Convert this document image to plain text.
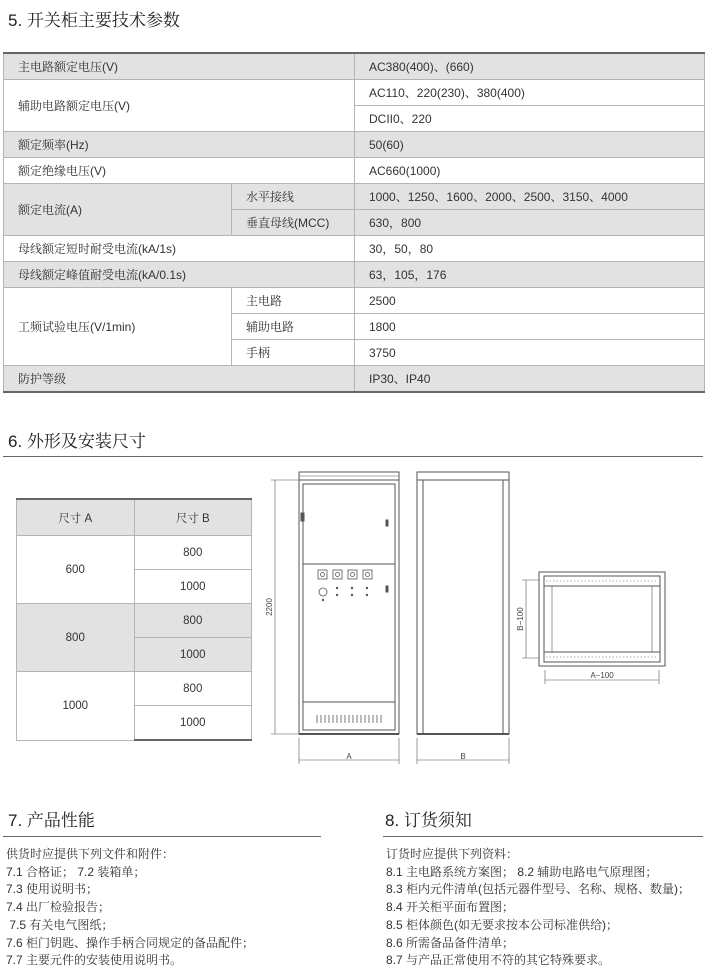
5. 开关柜主要技术参数
主电路额定电压(V)		AC380(400)、(660)
辅助电路额定电压(V)		AC110、220(230)、380(400)
		DCII0、220
额定频率(Hz)		50(60)
额定绝缘电压(V)		AC660(1000)
额定电流(A)	水平接线	1000、1250、1600、2000、2500、3150、4000
	垂直母线(MCC)	630，800
母线额定短时耐受电流(kA/1s)		30，50，80
母线额定峰值耐受电流(kA/0.1s)		63，105，176
工频试验电压(V/1min)	主电路	2500
	辅助电路	1800
	手柄	3750
防护等级		IP30、IP40
6. 外形及安装尺寸
尺寸 A	尺寸 B
600	800
	1000
800	800
	1000
1000	800
	1000
2200
A	B
B−100
A−100
7. 产品性能
供货时应提供下列文件和附件：
7.1 合格证； 7.2 装箱单；
7.3 使用说明书；
7.4 出厂检验报告；
7.5 有关电气图纸；
7.6 柜门钥匙、操作手柄合同规定的备品配件；
7.7 主要元件的安装使用说明书。
8. 订货须知
订货时应提供下列资料：
8.1 主电路系统方案图； 8.2 辅助电路电气原理图；
8.3 柜内元件清单(包括元器件型号、名称、规格、数量)；
8.4 开关柜平面布置图；
8.5 柜体颜色(如无要求按本公司标准供给)；
8.6 所需备品备件清单；
8.7 与产品正常使用不符的其它特殊要求。
